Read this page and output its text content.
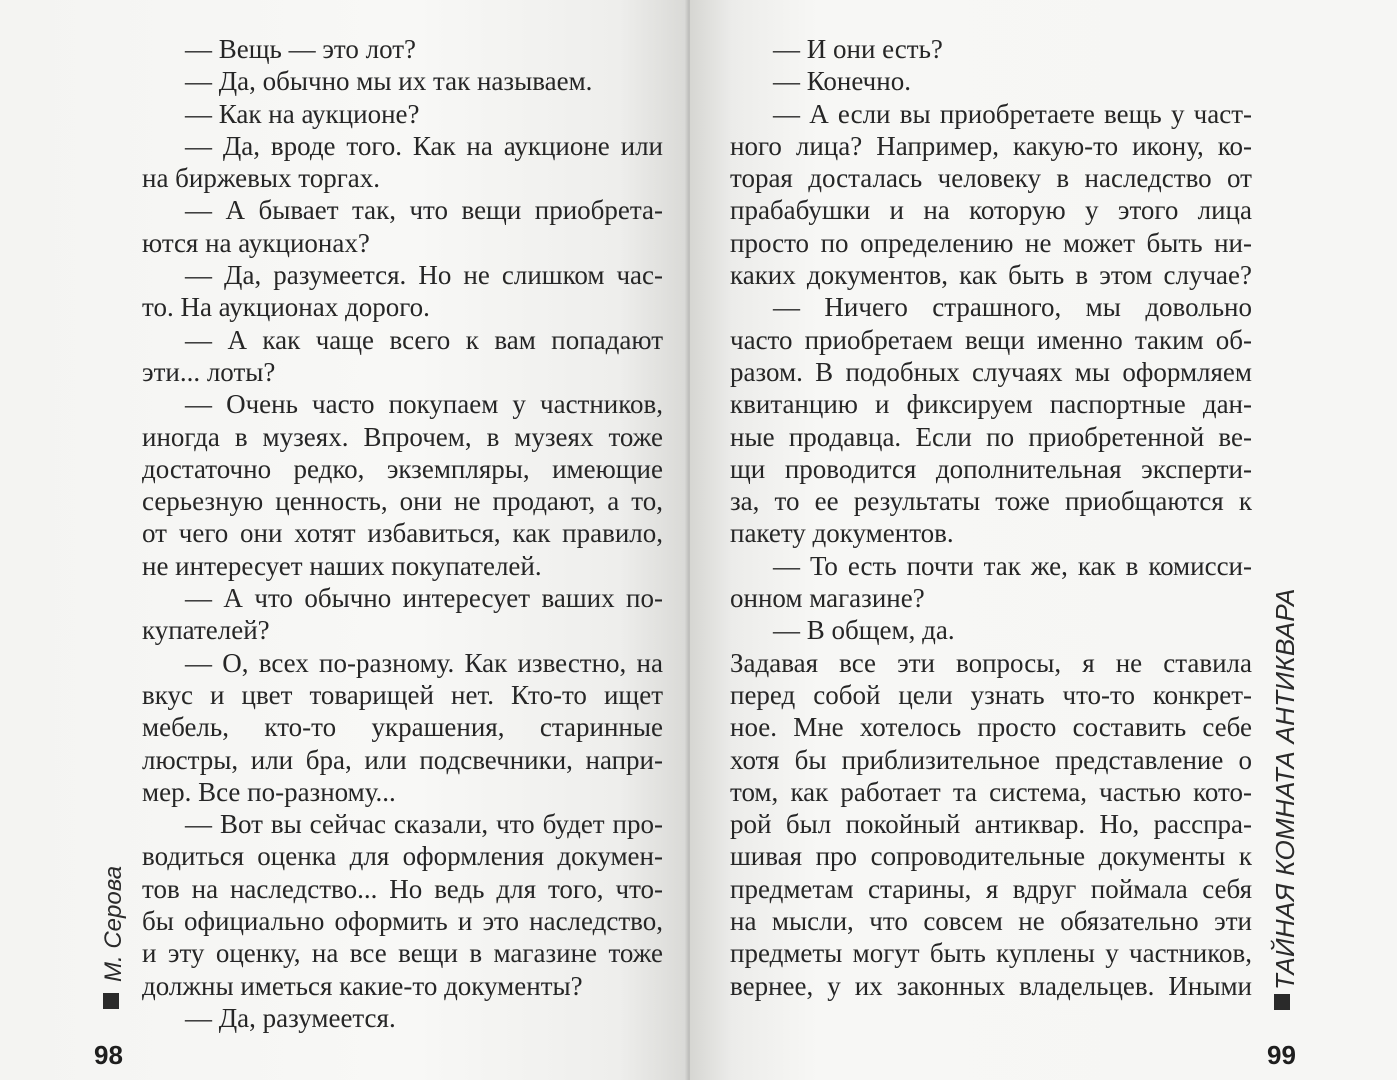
— Вещь — это лот?
— Да, обычно мы их так называем.
— Как на аукционе?
— Да, вроде того. Как на аукционе или
на биржевых торгах.
— А бывает так, что вещи приобрета-
ются на аукционах?
— Да, разумеется. Но не слишком час-
то. На аукционах дорого.
— А как чаще всего к вам попадают
эти... лоты?
— Очень часто покупаем у частников,
иногда в музеях. Впрочем, в музеях тоже
достаточно редко, экземпляры, имеющие
серьезную ценность, они не продают, а то,
от чего они хотят избавиться, как правило,
не интересует наших покупателей.
— А что обычно интересует ваших по-
купателей?
— О, всех по-разному. Как известно, на
вкус и цвет товарищей нет. Кто-то ищет
мебель, кто-то украшения, старинные
люстры, или бра, или подсвечники, напри-
мер. Все по-разному...
— Вот вы сейчас сказали, что будет про-
водиться оценка для оформления докумен-
тов на наследство... Но ведь для того, что-
бы официально оформить и это наследство,
и эту оценку, на все вещи в магазине тоже
должны иметься какие-то документы?
— Да, разумеется.
М. Серова
98
— И они есть?
— Конечно.
— А если вы приобретаете вещь у част-
ного лица? Например, какую-то икону, ко-
торая досталась человеку в наследство от
прабабушки и на которую у этого лица
просто по определению не может быть ни-
каких документов, как быть в этом случае?
— Ничего страшного, мы довольно
часто приобретаем вещи именно таким об-
разом. В подобных случаях мы оформляем
квитанцию и фиксируем паспортные дан-
ные продавца. Если по приобретенной ве-
щи проводится дополнительная эксперти-
за, то ее результаты тоже приобщаются к
пакету документов.
— То есть почти так же, как в комисси-
онном магазине?
— В общем, да.
Задавая все эти вопросы, я не ставила
перед собой цели узнать что-то конкрет-
ное. Мне хотелось просто составить себе
хотя бы приблизительное представление о
том, как работает та система, частью кото-
рой был покойный антиквар. Но, расспра-
шивая про сопроводительные документы к
предметам старины, я вдруг поймала себя
на мысли, что совсем не обязательно эти
предметы могут быть куплены у частников,
вернее, у их законных владельцев. Иными ТАЙНАЯ КОМНАТА АНТИКВАРА
99
